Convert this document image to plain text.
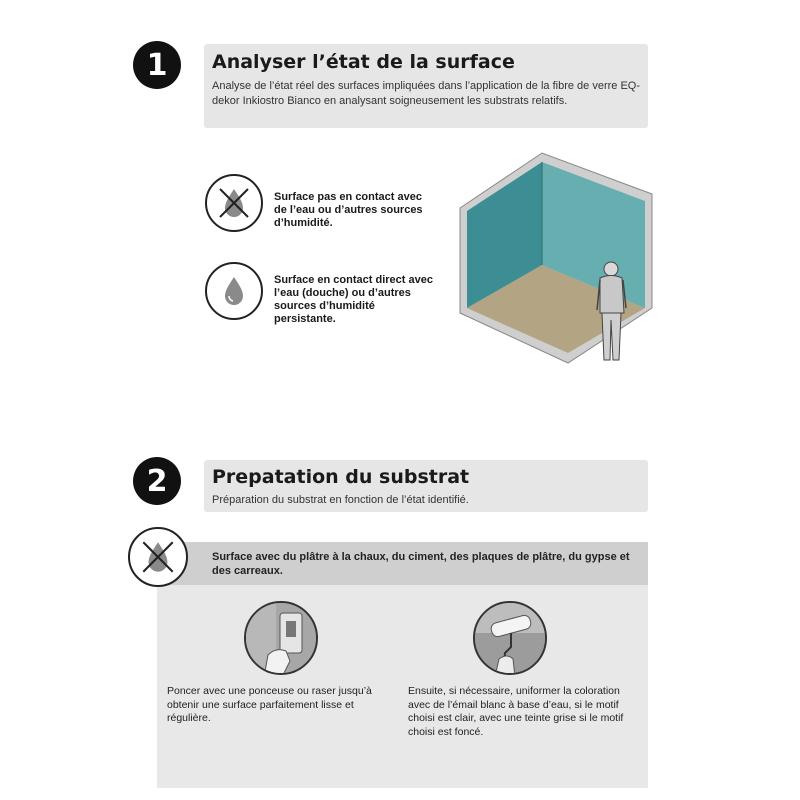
1	Analyser l’état de la surface
Analyse de l’état réel des surfaces impliquées dans l’application de la fibre de verre EQ-dekor Inkiostro Bianco en analysant soigneusement les substrats relatifs.
Surface pas en contact avec de l’eau ou d’autres sources d’humidité.
Surface en contact direct avec l’eau (douche) ou d’autres sources d’humidité persistante.
2	Prepatation du substrat
Préparation du substrat en fonction de l’état identifié.
Surface avec du plâtre à la chaux, du ciment, des plaques de plâtre, du gypse et des carreaux.
Poncer avec une ponceuse ou raser jusqu’à obtenir une surface parfaitement lisse et régulière.
Ensuite, si nécessaire, uniformer la coloration avec de l’émail blanc à base d’eau, si le motif choisi est clair, avec une teinte grise si le motif choisi est foncé.
